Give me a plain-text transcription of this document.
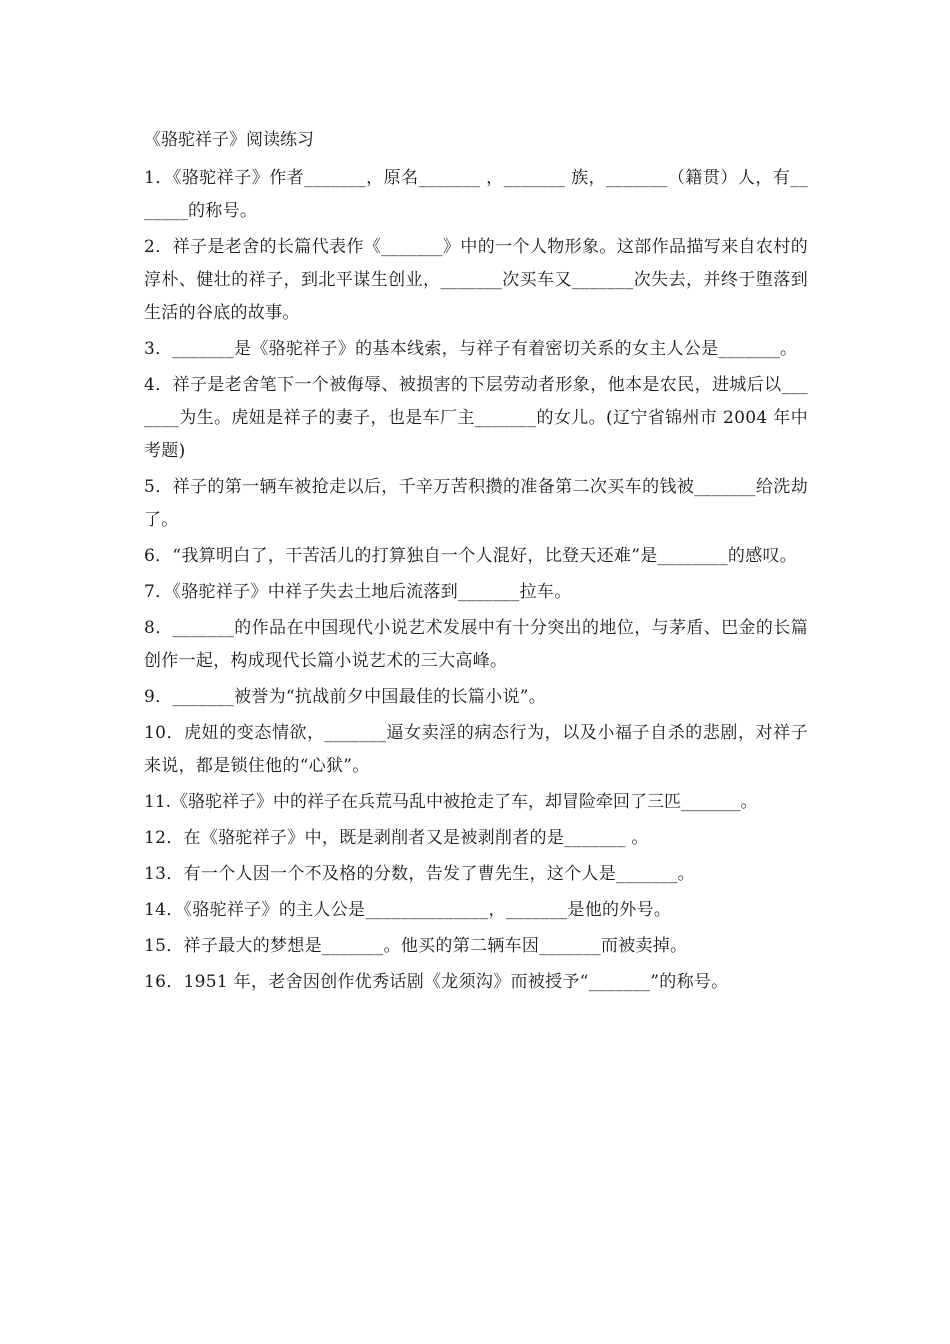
《骆驼祥子》阅读练习
1．《骆驼祥子》作者_______，原名_______ ，_______ 族，_______（籍贯）人，有_______的称号。
2．祥子是老舍的长篇代表作《_______》中的一个人物形象。这部作品描写来自农村的淳朴、健壮的祥子，到北平谋生创业，_______次买车又_______次失去，并终于堕落到生活的谷底的故事。
3．_______是《骆驼祥子》的基本线索，与祥子有着密切关系的女主人公是_______。
4．祥子是老舍笔下一个被侮辱、被损害的下层劳动者形象，他本是农民，进城后以_______为生。虎妞是祥子的妻子，也是车厂主_______的女儿。(辽宁省锦州市 2004 年中考题)
5．祥子的第一辆车被抢走以后，千辛万苦积攒的准备第二次买车的钱被_______给洗劫了。
6．“我算明白了，干苦活儿的打算独自一个人混好，比登天还难”是________的感叹。
7．《骆驼祥子》中祥子失去土地后流落到_______拉车。
8．_______的作品在中国现代小说艺术发展中有十分突出的地位，与茅盾、巴金的长篇创作一起，构成现代长篇小说艺术的三大高峰。
9．_______被誉为“抗战前夕中国最佳的长篇小说”。
10．虎妞的变态情欲，_______逼女卖淫的病态行为，以及小福子自杀的悲剧，对祥子来说，都是锁住他的“心狱”。
11.《骆驼祥子》中的祥子在兵荒马乱中被抢走了车，却冒险牵回了三匹_______。
12．在《骆驼祥子》中，既是剥削者又是被剥削者的是_______ 。
13．有一个人因一个不及格的分数，告发了曹先生，这个人是_______。
14．《骆驼祥子》的主人公是______________，_______是他的外号。
15．祥子最大的梦想是_______。他买的第二辆车因_______而被卖掉。
16．1951 年，老舍因创作优秀话剧《龙须沟》而被授予“_______”的称号。
